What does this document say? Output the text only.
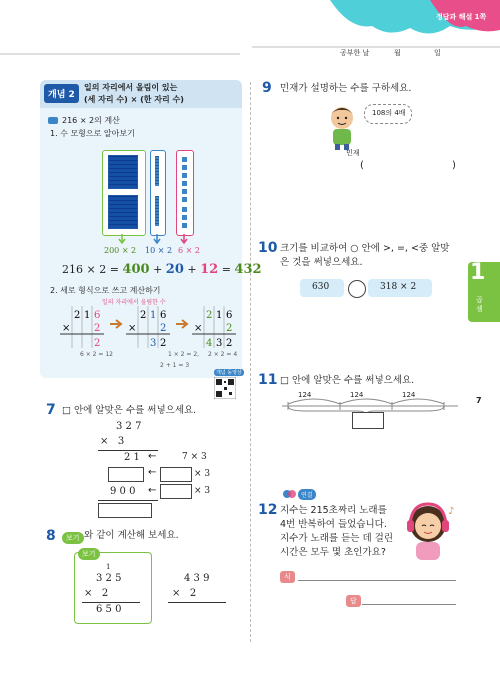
정답과 해설 1쪽
공부한 날	월	일
개념 2
일의 자리에서 올림이 있는
(세 자리 수) × (한 자리 수)
216 × 2의 계산
1. 수 모형으로 알아보기
200 × 2 10 × 2 6 × 2
216 × 2 = 400 + 20 + 12 = 432
2. 세로 형식으로 쓰고 계산하기
일의 자리에서 올림한 수
2 1 6
× 2
2
2 1 6
× 2
3 2
2 1 6
× 2
4 3 2
6 × 2 = 12	1 × 2 = 2,
2 + 1 = 3
2 × 2 = 4
개념 동영상
7 □ 안에 알맞은 수를 써넣으세요.
3 2 7
×   3
2 1 ←	7 × 3
←	× 3
9 0 0 ←	× 3
8	보기 와 같이 계산해 보세요.
보기
1
3 2 5
×   2
6 5 0
4 3 9
×   2
9 민재가 설명하는 수를 구하세요.
108의 4배
민재
(	)
10 크기를 비교하여 ○ 안에 >, =, <중 알맞
은 것을 써넣으세요.
630	318 × 2
1
곱셈
7
11 □ 안에 알맞은 수를 써넣으세요.
124	124	124
연결
12 지수는 215초짜리 노래를
4번 반복하여 들었습니다.
지수가 노래를 듣는 데 걸린
시간은 모두 몇 초인가요?
♪
식
답
